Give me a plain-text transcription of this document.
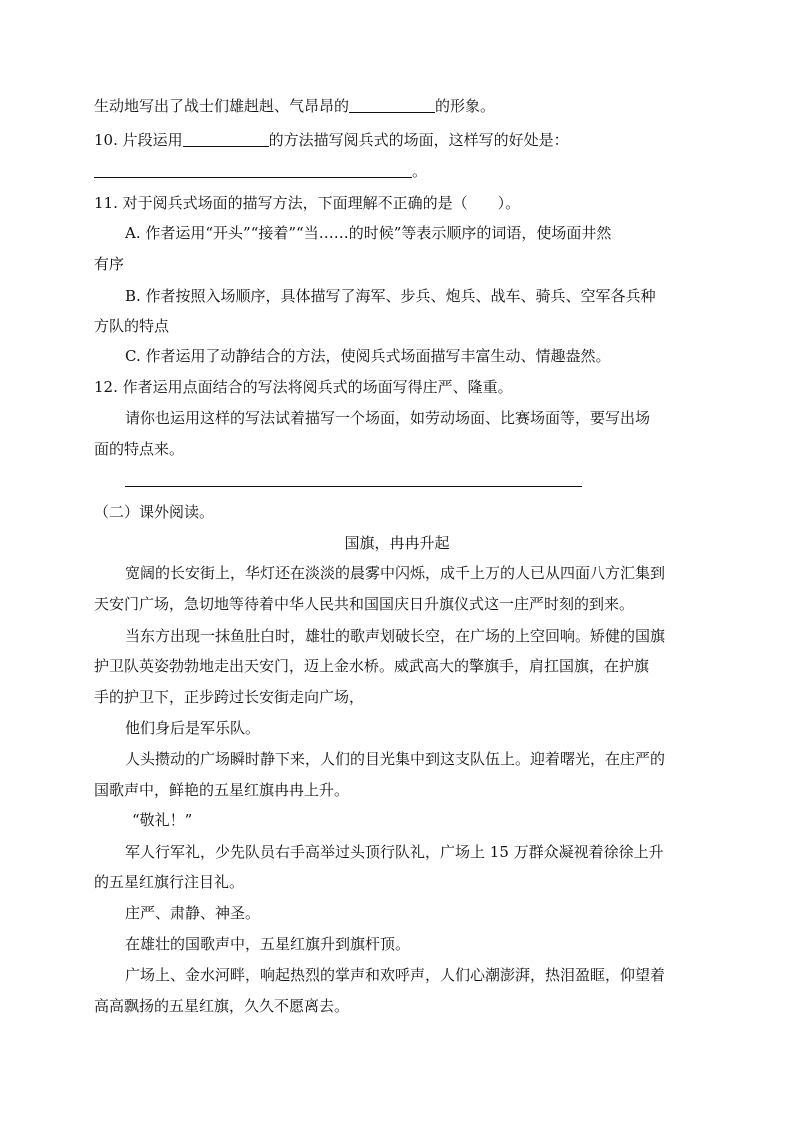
生动地写出了战士们雄赳赳、气昂昂的	的形象。
10. 片段运用	的方法描写阅兵式的场面，这样写的好处是：
。
11. 对于阅兵式场面的描写方法，下面理解不正确的是（　　）。
A. 作者运用“开头”“接着”“当……的时候”等表示顺序的词语，使场面井然
有序
B. 作者按照入场顺序，具体描写了海军、步兵、炮兵、战车、骑兵、空军各兵种
方队的特点
C. 作者运用了动静结合的方法，使阅兵式场面描写丰富生动、情趣盎然。
12. 作者运用点面结合的写法将阅兵式的场面写得庄严、隆重。
请你也运用这样的写法试着描写一个场面，如劳动场面、比赛场面等，要写出场
面的特点来。
（二）课外阅读。
国旗，冉冉升起
宽阔的长安街上，华灯还在淡淡的晨雾中闪烁，成千上万的人已从四面八方汇集到
天安门广场，急切地等待着中华人民共和国国庆日升旗仪式这一庄严时刻的到来。
当东方出现一抹鱼肚白时，雄壮的歌声划破长空，在广场的上空回响。矫健的国旗
护卫队英姿勃勃地走出天安门，迈上金水桥。威武高大的擎旗手，肩扛国旗，在护旗
手的护卫下，正步跨过长安街走向广场，
他们身后是军乐队。
人头攒动的广场瞬时静下来，人们的目光集中到这支队伍上。迎着曙光，在庄严的
国歌声中，鲜艳的五星红旗冉冉上升。
“敬礼！”
军人行军礼，少先队员右手高举过头顶行队礼，广场上 15 万群众凝视着徐徐上升
的五星红旗行注目礼。
庄严、肃静、神圣。
在雄壮的国歌声中，五星红旗升到旗杆顶。
广场上、金水河畔，响起热烈的掌声和欢呼声，人们心潮澎湃，热泪盈眶，仰望着
高高飘扬的五星红旗，久久不愿离去。
